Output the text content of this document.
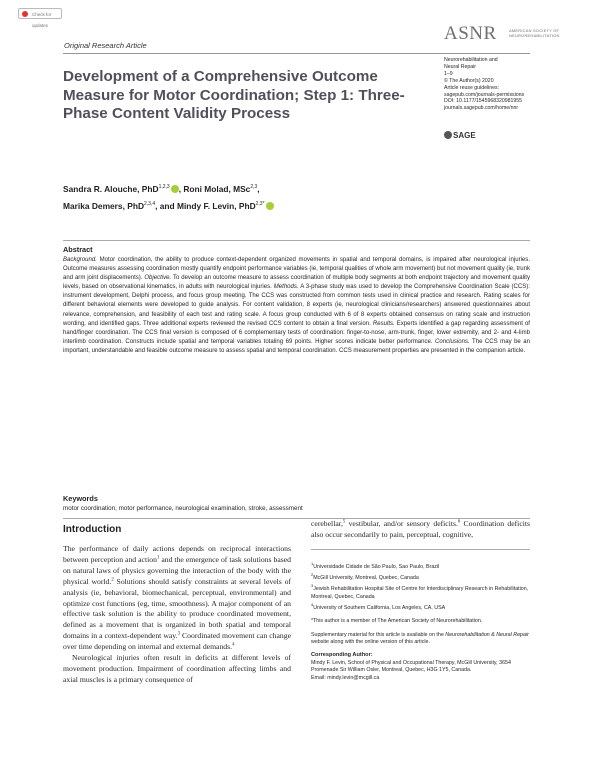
Check for updates
Original Research Article
ASNR	AMERICAN SOCIETY OF NEUROREHABILITATION
Neurorehabilitation and
Neural Repair
1–9
© The Author(s) 2020
Article reuse guidelines:
sagepub.com/journals-permissions
DOI: 10.1177/1545968320981955
journals.sagepub.com/home/nnr
SAGE
Development of a Comprehensive Outcome Measure for Motor Coordination; Step 1: Three-Phase Content Validity Process
Sandra R. Alouche, PhD$^{1,2,3}$ , Roni Molad, MSc$^{2,3}$,
Marika Demers, PhD$^{2,3,4}$, and Mindy F. Levin, PhD$^{2,3*}$
Abstract

Background. Motor coordination, the ability to produce context-dependent organized movements in spatial and temporal domains, is impaired after neurological injuries. Outcome measures assessing coordination mostly quantify endpoint performance variables (ie, temporal qualities of whole arm movement) but not movement quality (ie, trunk and arm joint displacements). Objective. To develop an outcome measure to assess coordination of multiple body segments at both endpoint trajectory and movement quality levels, based on observational kinematics, in adults with neurological injuries. Methods. A 3-phase study was used to develop the Comprehensive Coordination Scale (CCS): instrument development, Delphi process, and focus group meeting. The CCS was constructed from common tests used in clinical practice and research. Rating scales for different behavioral elements were developed to guide analysis. For content validation, 8 experts (ie, neurological clinicians/researchers) answered questionnaires about relevance, comprehension, and feasibility of each test and rating scale. A focus group conducted with 6 of 8 experts obtained consensus on rating scale and instruction wording, and identified gaps. Three additional experts reviewed the revised CCS content to obtain a final version. Results. Experts identified a gap regarding assessment of hand/finger coordination. The CCS final version is composed of 6 complementary tests of coordination: finger-to-nose, arm-trunk, finger, lower extremity, and 2- and 4-limb interlimb coordination. Constructs include spatial and temporal variables totaling 69 points. Higher scores indicate better performance. Conclusions. The CCS may be an important, understandable and feasible outcome measure to assess spatial and temporal coordination. CCS measurement properties are presented in the companion article.

Keywords
motor coordination, motor performance, neurological examination, stroke, assessment
Introduction

The performance of daily actions depends on reciprocal interactions between perception and action$^1$ and the emergence of task solutions based on natural laws of physics governing the interaction of the body with the physical world.$^2$ Solutions should satisfy constraints at several levels of analysis (ie, behavioral, biomechanical, perceptual, environmental) and optimize cost functions (eg, time, smoothness). A major component of an effective task solution is the ability to produce coordinated movement, defined as a movement that is organized in both spatial and temporal domains in a context-dependent way.$^3$ Coordinated movement can change over time depending on internal and external demands.$^4$

Neurological injuries often result in deficits at different levels of movement production. Impairment of coordination affecting limbs and axial muscles is a primary consequence of

cerebellar,$^5$ vestibular, and/or sensory deficits.$^6$ Coordination deficits also occur secondarily to pain, perceptual, cognitive,

$^1$Universidade Cidade de São Paulo, Sao Paulo, Brazil

$^2$McGill University, Montreal, Quebec, Canada

$^3$Jewish Rehabilitation Hospital Site of Centre for Interdisciplinary Research in Rehabilitation, Montreal, Quebec, Canada

$^4$University of Southern California, Los Angeles, CA, USA

*This author is a member of The American Society of Neurorehabilitation.

Supplementary material for this article is available on the Neurorehabilitation & Neural Repair website along with the online version of this article.

Corresponding Author:

Mindy F. Levin, School of Physical and Occupational Therapy, McGill University, 3654 Promenade Sir William Osler, Montreal, Quebec, H3G 1Y5, Canada.

Email: mindy.levin@mcgill.ca
